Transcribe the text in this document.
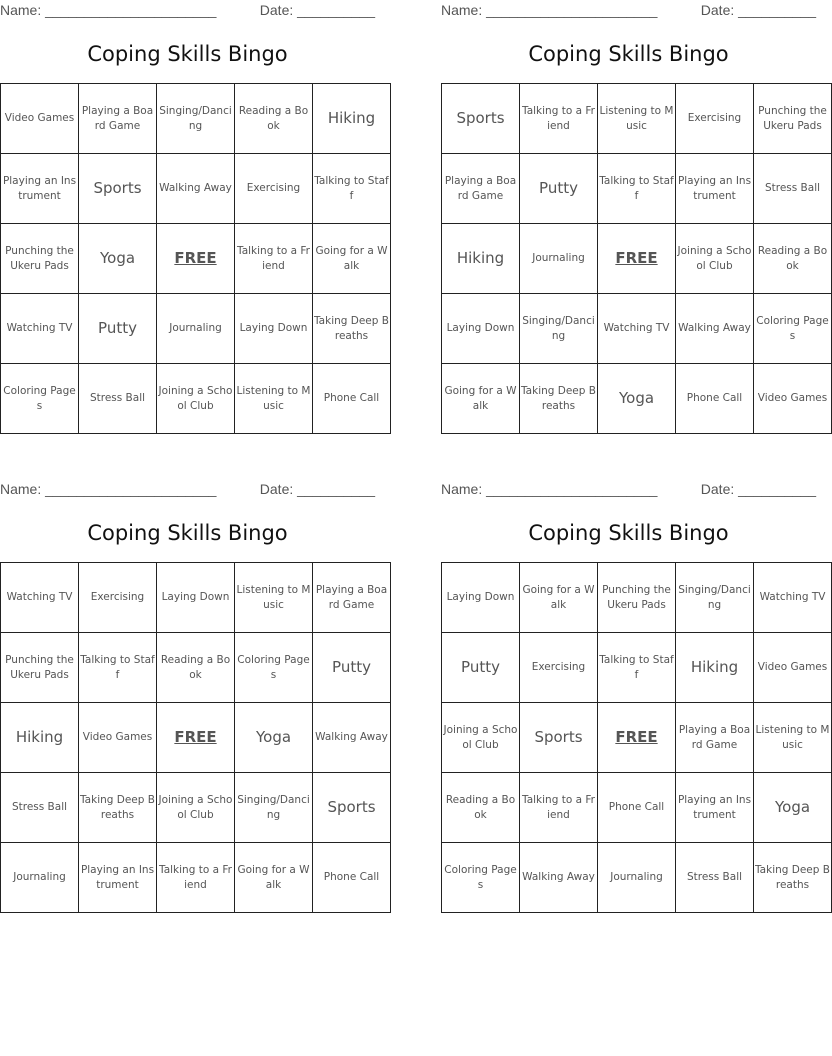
Name: ______________________	Date: __________
Coping Skills Bingo
Video Games	Playing a Board Game	Singing/Dancing	Reading a Book	Hiking
Playing an Instrument	Sports	Walking Away	Exercising	Talking to Staff
Punching the Ukeru Pads	Yoga	FREE	Talking to a Friend	Going for a Walk
Watching TV	Putty	Journaling	Laying Down	Taking Deep Breaths
Coloring Pages	Stress Ball	Joining a School Club	Listening to Music	Phone Call
Name: ______________________	Date: __________
Coping Skills Bingo
Sports	Talking to a Friend	Listening to Music	Exercising	Punching the Ukeru Pads
Playing a Board Game	Putty	Talking to Staff	Playing an Instrument	Stress Ball
Hiking	Journaling	FREE	Joining a School Club	Reading a Book
Laying Down	Singing/Dancing	Watching TV	Walking Away	Coloring Pages
Going for a Walk	Taking Deep Breaths	Yoga	Phone Call	Video Games
Name: ______________________	Date: __________
Coping Skills Bingo
Watching TV	Exercising	Laying Down	Listening to Music	Playing a Board Game
Punching the Ukeru Pads	Talking to Staff	Reading a Book	Coloring Pages	Putty
Hiking	Video Games	FREE	Yoga	Walking Away
Stress Ball	Taking Deep Breaths	Joining a School Club	Singing/Dancing	Sports
Journaling	Playing an Instrument	Talking to a Friend	Going for a Walk	Phone Call
Name: ______________________	Date: __________
Coping Skills Bingo
Laying Down	Going for a Walk	Punching the Ukeru Pads	Singing/Dancing	Watching TV
Putty	Exercising	Talking to Staff	Hiking	Video Games
Joining a School Club	Sports	FREE	Playing a Board Game	Listening to Music
Reading a Book	Talking to a Friend	Phone Call	Playing an Instrument	Yoga
Coloring Pages	Walking Away	Journaling	Stress Ball	Taking Deep Breaths
